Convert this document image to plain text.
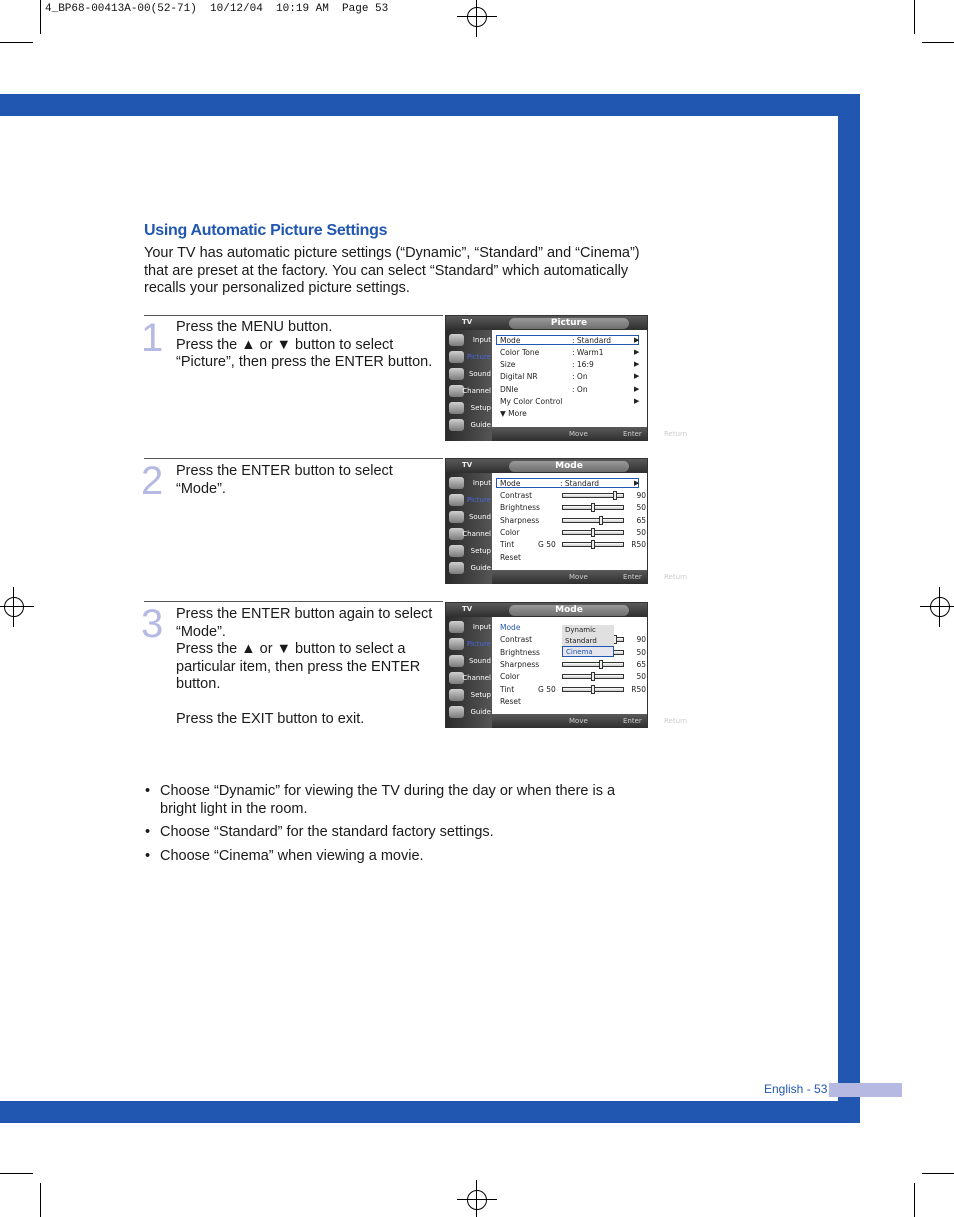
4_BP68-00413A-00(52-71)  10/12/04  10:19 AM  Page 53
Using Automatic Picture Settings
Your TV has automatic picture settings (“Dynamic”, “Standard” and “Cinema”) that are preset at the factory. You can select “Standard” which automatically recalls your personalized picture settings.
1 Press the MENU button.

Press the ▲ or ▼ button to select “Picture”, then press the ENTER button.

2 Press the ENTER button to select “Mode”.

3 Press the ENTER button again to select “Mode”.

Press the ▲ or ▼ button to select a particular item, then press the ENTER button.

Press the EXIT button to exit.

TV	Picture
Input
Picture
Sound
Channel
Setup
Guide
Mode	: Standard	▶
Color Tone	: Warm1	▶
Size	: 16:9	▶
Digital NR	: On	▶
DNIe	: On	▶
My Color Control	▶
▼ More
Move	Enter	Return
TV	Mode
Input
Picture
Sound
Channel
Setup
Guide
Mode	: Standard	▶
Contrast	90
Brightness	50
Sharpness	65
Color	50
Tint	G 50	R50
Reset
Move	Enter	Return
TV	Mode
Input
Picture
Sound
Channel
Setup
Guide
Mode
Contrast	90
Brightness	50
Sharpness	65
Color	50
Tint	G 50	R50
Reset
Dynamic
Standard
Cinema
Move	Enter	Return
• Choose “Dynamic” for viewing the TV during the day or when there is a bright light in the room.
• Choose “Standard” for the standard factory settings.
• Choose “Cinema” when viewing a movie.
English - 53
